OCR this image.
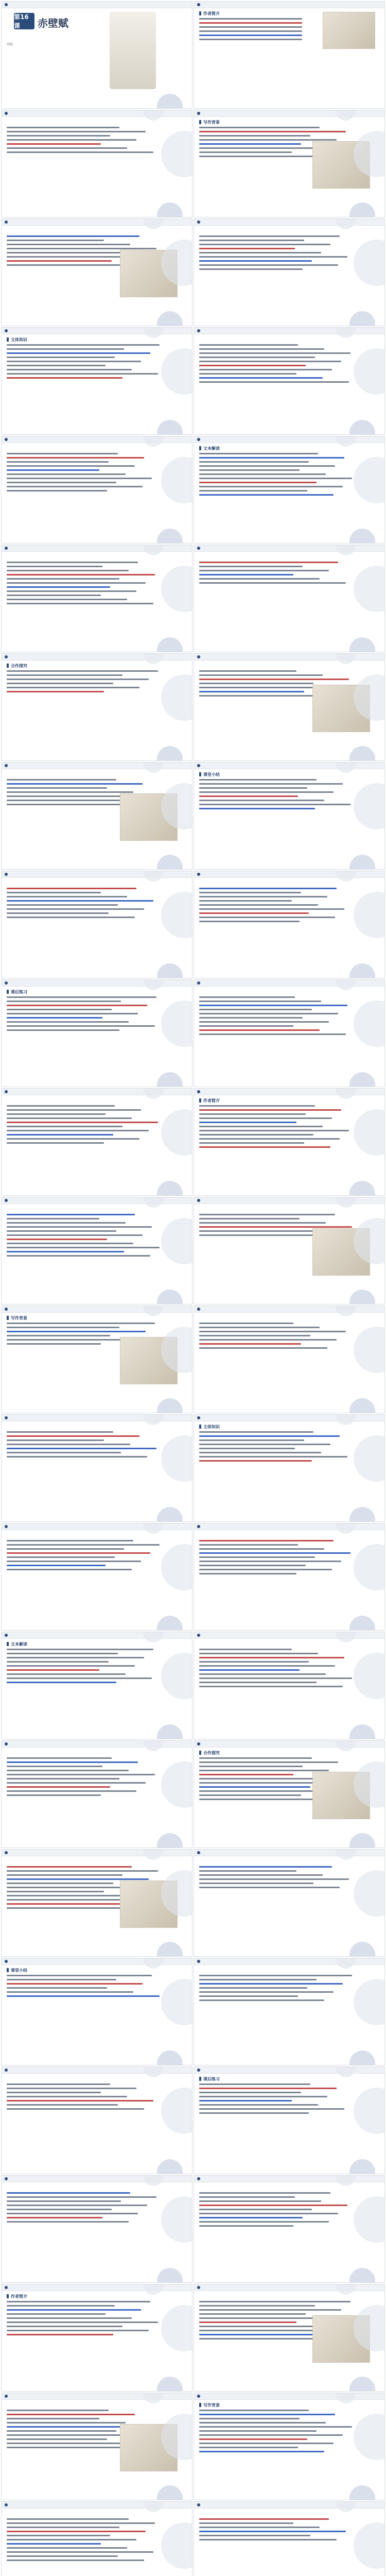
第16课	赤壁赋
苏轼
作者简介
写作背景
文体知识
文本解读
合作探究
课堂小结
课后练习
作者简介
写作背景
文体知识
文本解读
合作探究
课堂小结
课后练习
作者简介
写作背景
